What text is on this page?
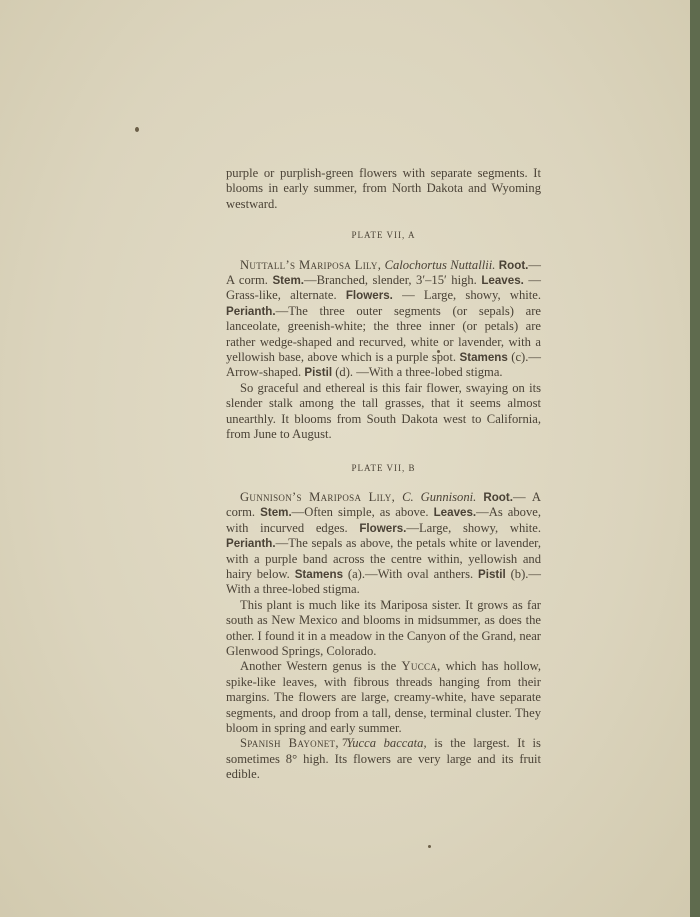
purple or purplish-green flowers with separate segments. It blooms in early summer, from North Dakota and Wyoming westward.

PLATE VII, A

Nuttall’s Mariposa Lily, Calochortus Nuttallii. Root.—A corm. Stem.—Branched, slender, 3′–15′ high. Leaves. — Grass-like, alternate. Flowers. — Large, showy, white. Perianth.—The three outer segments (or sepals) are lanceolate, greenish-white; the three inner (or petals) are rather wedge-shaped and recurved, white or lavender, with a yellowish base, above which is a purple spot. Stamens (c).—Arrow-shaped. Pistil (d). —With a three-lobed stigma.

So graceful and ethereal is this fair flower, swaying on its slender stalk among the tall grasses, that it seems almost unearthly. It blooms from South Dakota west to California, from June to August.

PLATE VII, B

Gunnison’s Mariposa Lily, C. Gunnisoni. Root.— A corm. Stem.—Often simple, as above. Leaves.—As above, with incurved edges. Flowers.—Large, showy, white. Perianth.—The sepals as above, the petals white or lavender, with a purple band across the centre within, yellowish and hairy below. Stamens (a).—With oval anthers. Pistil (b).—With a three-lobed stigma.

This plant is much like its Mariposa sister. It grows as far south as New Mexico and blooms in midsummer, as does the other. I found it in a meadow in the Canyon of the Grand, near Glenwood Springs, Colorado.

Another Western genus is the Yucca, which has hollow, spike-like leaves, with fibrous threads hanging from their margins. The flowers are large, creamy-white, have separate segments, and droop from a tall, dense, terminal cluster. They bloom in spring and early summer.

Spanish Bayonet, Yucca baccata, is the largest. It is sometimes 8° high. Its flowers are very large and its fruit edible.

7
